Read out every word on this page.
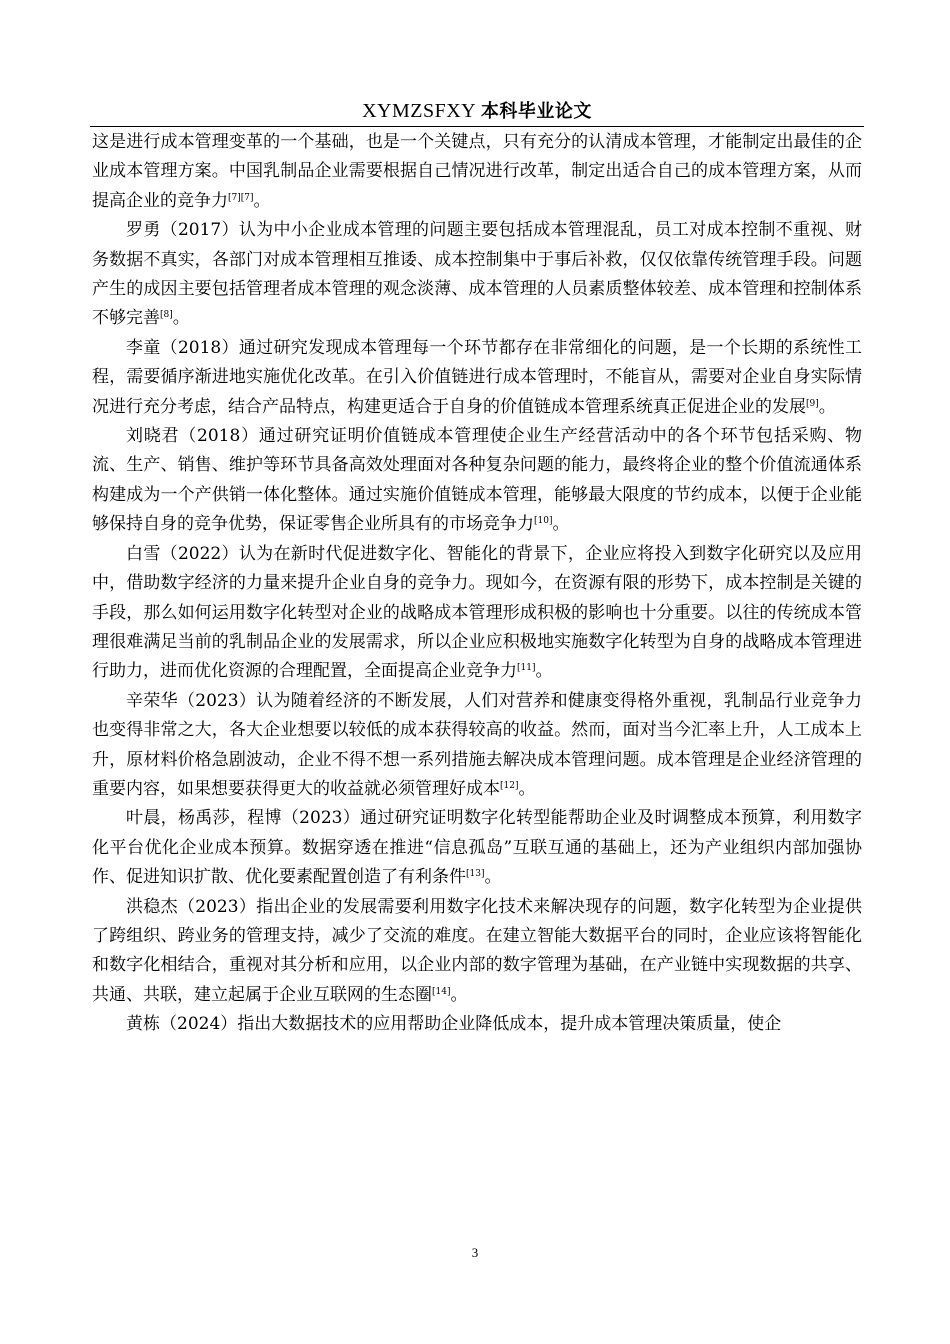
XYMZSFXY 本科毕业论文

这是进行成本管理变革的一个基础，也是一个关键点，只有充分的认清成本管理，才能制定出最佳的企业成本管理方案。中国乳制品企业需要根据自己情况进行改革，制定出适合自己的成本管理方案，从而提高企业的竞争力[7][7]。

罗勇（2017）认为中小企业成本管理的问题主要包括成本管理混乱，员工对成本控制不重视、财务数据不真实，各部门对成本管理相互推诿、成本控制集中于事后补救，仅仅依靠传统管理手段。问题产生的成因主要包括管理者成本管理的观念淡薄、成本管理的人员素质整体较差、成本管理和控制体系不够完善[8]。

李童（2018）通过研究发现成本管理每一个环节都存在非常细化的问题，是一个长期的系统性工程，需要循序渐进地实施优化改革。在引入价值链进行成本管理时，不能盲从，需要对企业自身实际情况进行充分考虑，结合产品特点，构建更适合于自身的价值链成本管理系统真正促进企业的发展[9]。

刘晓君（2018）通过研究证明价值链成本管理使企业生产经营活动中的各个环节包括采购、物流、生产、销售、维护等环节具备高效处理面对各种复杂问题的能力，最终将企业的整个价值流通体系构建成为一个产供销一体化整体。通过实施价值链成本管理，能够最大限度的节约成本，以便于企业能够保持自身的竞争优势，保证零售企业所具有的市场竞争力[10]。

白雪（2022）认为在新时代促进数字化、智能化的背景下，企业应将投入到数字化研究以及应用中，借助数字经济的力量来提升企业自身的竞争力。现如今，在资源有限的形势下，成本控制是关键的手段，那么如何运用数字化转型对企业的战略成本管理形成积极的影响也十分重要。以往的传统成本管理很难满足当前的乳制品企业的发展需求，所以企业应积极地实施数字化转型为自身的战略成本管理进行助力，进而优化资源的合理配置，全面提高企业竞争力[11]。

辛荣华（2023）认为随着经济的不断发展，人们对营养和健康变得格外重视，乳制品行业竞争力也变得非常之大，各大企业想要以较低的成本获得较高的收益。然而，面对当今汇率上升，人工成本上升，原材料价格急剧波动，企业不得不想一系列措施去解决成本管理问题。成本管理是企业经济管理的重要内容，如果想要获得更大的收益就必须管理好成本[12]。

叶晨，杨禹莎，程博（2023）通过研究证明数字化转型能帮助企业及时调整成本预算，利用数字化平台优化企业成本预算。数据穿透在推进“信息孤岛”互联互通的基础上，还为产业组织内部加强协作、促进知识扩散、优化要素配置创造了有利条件[13]。

洪稳杰（2023）指出企业的发展需要利用数字化技术来解决现存的问题，数字化转型为企业提供了跨组织、跨业务的管理支持，减少了交流的难度。在建立智能大数据平台的同时，企业应该将智能化和数字化相结合，重视对其分析和应用，以企业内部的数字管理为基础，在产业链中实现数据的共享、共通、共联，建立起属于企业互联网的生态圈[14]。

黄栋（2024）指出大数据技术的应用帮助企业降低成本，提升成本管理决策质量，使企

3
